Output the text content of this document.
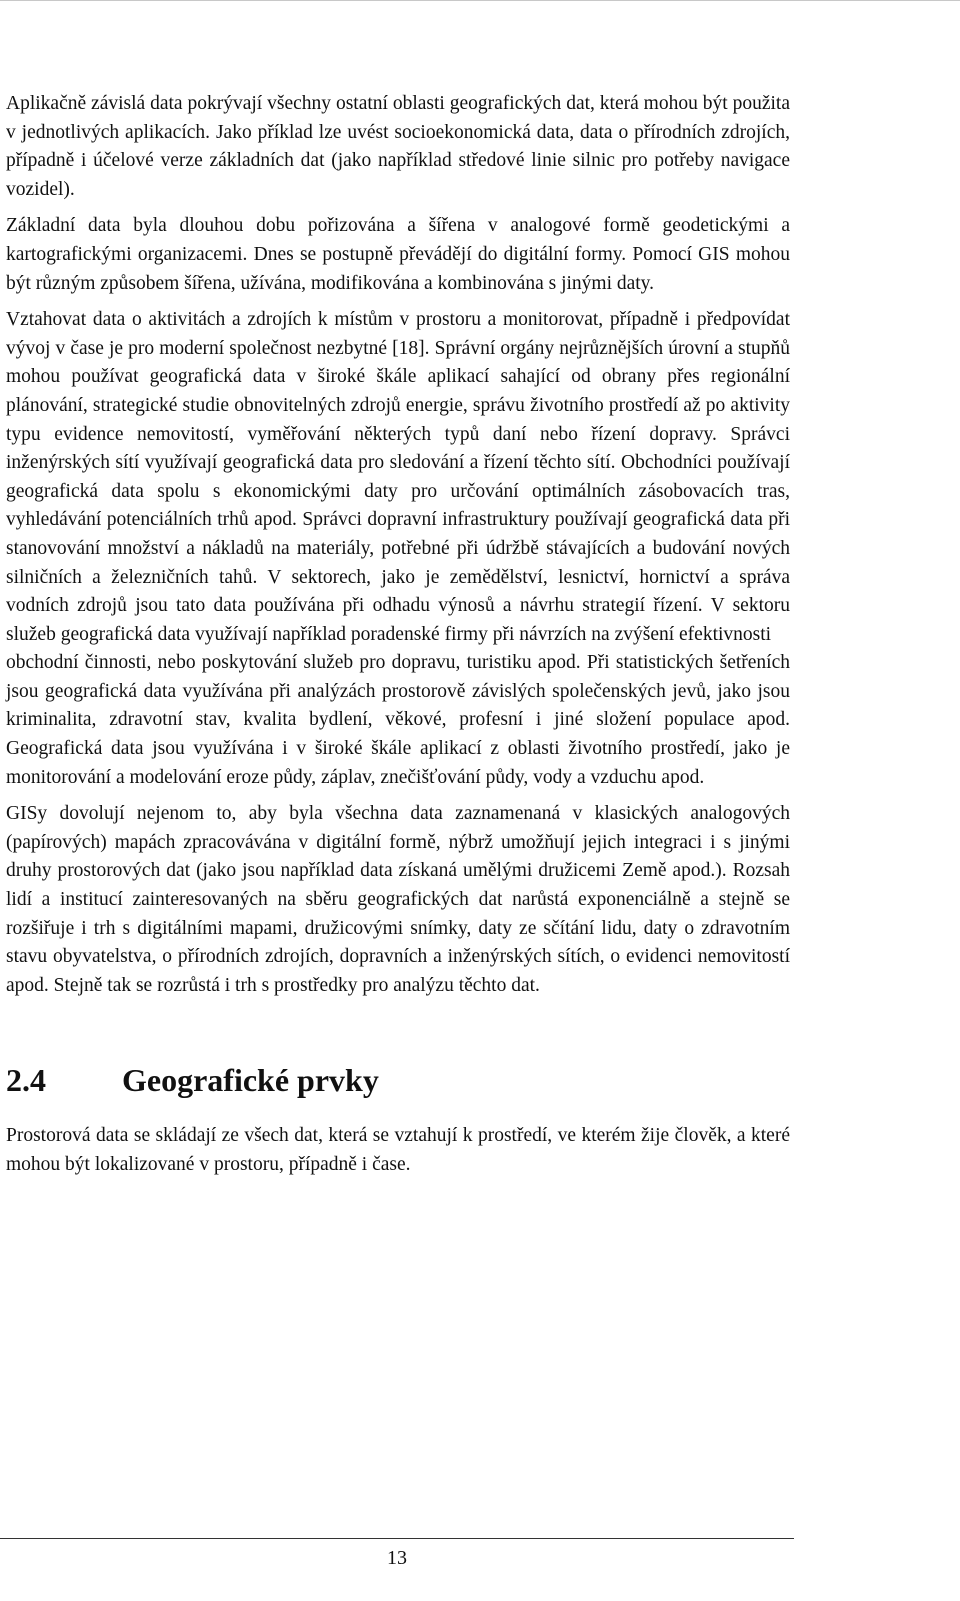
Aplikačně závislá data pokrývají všechny ostatní oblasti geografických dat, která mohou být použita v jednotlivých aplikacích. Jako příklad lze uvést socioekonomická data, data o přírodních zdrojích, případně i účelové verze základních dat (jako například středové linie silnic pro potřeby navigace vozidel).

Základní data byla dlouhou dobu pořizována a šířena v analogové formě geodetickými a kartografickými organizacemi. Dnes se postupně převádějí do digitální formy. Pomocí GIS mohou být různým způsobem šířena, užívána, modifikována a kombinována s jinými daty.

Vztahovat data o aktivitách a zdrojích k místům v prostoru a monitorovat, případně i předpovídat vývoj v čase je pro moderní společnost nezbytné [18]. Správní orgány nejrůznějších úrovní a stupňů mohou používat geografická data v široké škále aplikací sahající od obrany přes regionální plánování, strategické studie obnovitelných zdrojů energie, správu životního prostředí až po aktivity typu evidence nemovitostí, vyměřování některých typů daní nebo řízení dopravy. Správci inženýrských sítí využívají geografická data pro sledování a řízení těchto sítí. Obchodníci používají geografická data spolu s ekonomickými daty pro určování optimálních zásobovacích tras, vyhledávání potenciálních trhů apod. Správci dopravní infrastruktury používají geografická data při stanovování množství a nákladů na materiály, potřebné při údržbě stávajících a budování nových silničních a železničních tahů. V sektorech, jako je zemědělství, lesnictví, hornictví a správa vodních zdrojů jsou tato data používána při odhadu výnosů a návrhu strategií řízení. V sektoru služeb geografická data využívají například poradenské firmy při návrzích na zvýšení efektivnosti

obchodní činnosti, nebo poskytování služeb pro dopravu, turistiku apod. Při statistických šetřeních jsou geografická data využívána při analýzách prostorově závislých společenských jevů, jako jsou kriminalita, zdravotní stav, kvalita bydlení, věkové, profesní i jiné složení populace apod. Geografická data jsou využívána i v široké škále aplikací z oblasti životního prostředí, jako je monitorování a modelování eroze půdy, záplav, znečišťování půdy, vody a vzduchu apod.

GISy dovolují nejenom to, aby byla všechna data zaznamenaná v klasických analogových (papírových) mapách zpracovávána v digitální formě, nýbrž umožňují jejich integraci i s jinými druhy prostorových dat (jako jsou například data získaná umělými družicemi Země apod.). Rozsah lidí a institucí zainteresovaných na sběru geografických dat narůstá exponenciálně a stejně se rozšiřuje i trh s digitálními mapami, družicovými snímky, daty ze sčítání lidu, daty o zdravotním stavu obyvatelstva, o přírodních zdrojích, dopravních a inženýrských sítích, o evidenci nemovitostí apod. Stejně tak se rozrůstá i trh s prostředky pro analýzu těchto dat.

2.4	Geografické prvky

Prostorová data se skládají ze všech dat, která se vztahují k prostředí, ve kterém žije člověk, a které mohou být lokalizované v prostoru, případně i čase.

13
